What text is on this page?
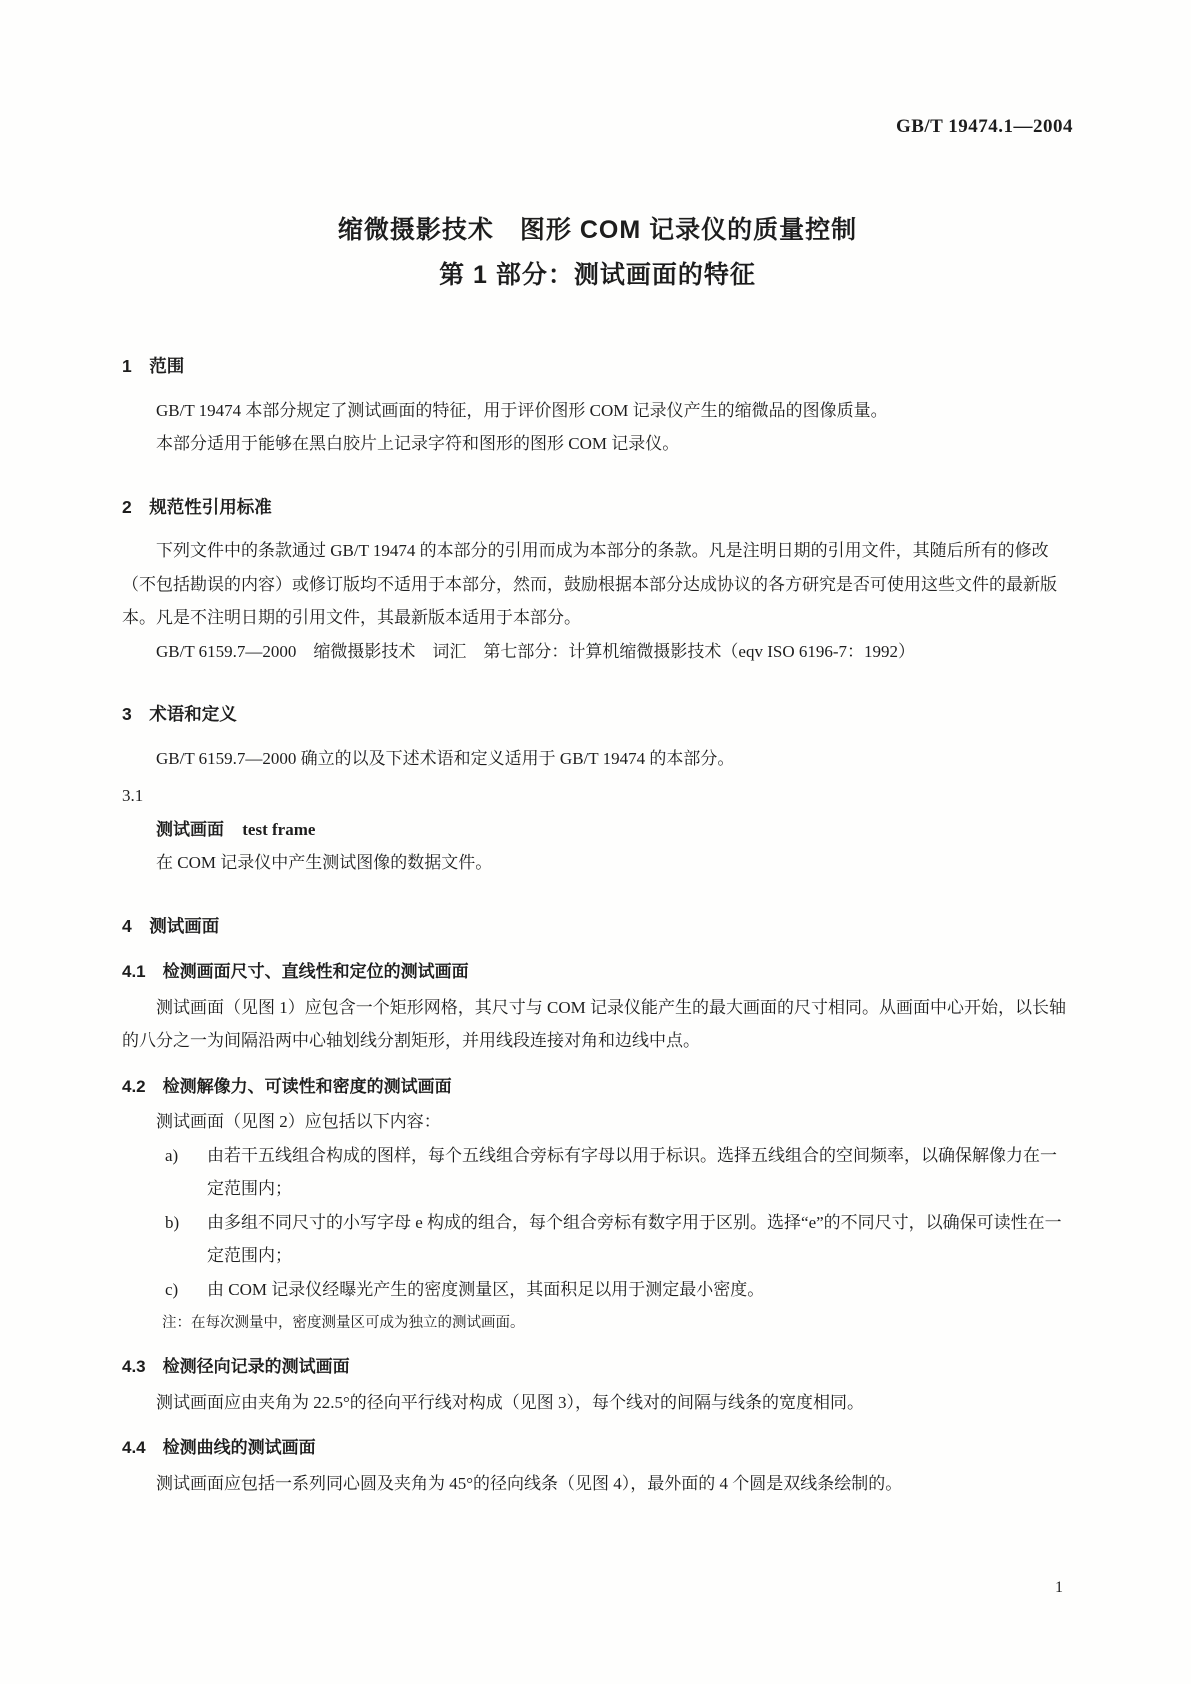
GB/T 19474.1—2004
缩微摄影技术　图形 COM 记录仪的质量控制
第 1 部分：测试画面的特征
1　范围

GB/T 19474 本部分规定了测试画面的特征，用于评价图形 COM 记录仪产生的缩微品的图像质量。

本部分适用于能够在黑白胶片上记录字符和图形的图形 COM 记录仪。

2　规范性引用标准

下列文件中的条款通过 GB/T 19474 的本部分的引用而成为本部分的条款。凡是注明日期的引用文件，其随后所有的修改（不包括勘误的内容）或修订版均不适用于本部分，然而，鼓励根据本部分达成协议的各方研究是否可使用这些文件的最新版本。凡是不注明日期的引用文件，其最新版本适用于本部分。

GB/T 6159.7—2000　缩微摄影技术　词汇　第七部分：计算机缩微摄影技术（eqv ISO 6196-7：1992）

3　术语和定义

GB/T 6159.7—2000 确立的以及下述术语和定义适用于 GB/T 19474 的本部分。

3.1

测试画面 test frame

在 COM 记录仪中产生测试图像的数据文件。

4　测试画面
4.1　检测画面尺寸、直线性和定位的测试画面

测试画面（见图 1）应包含一个矩形网格，其尺寸与 COM 记录仪能产生的最大画面的尺寸相同。从画面中心开始，以长轴的八分之一为间隔沿两中心轴划线分割矩形，并用线段连接对角和边线中点。

4.2　检测解像力、可读性和密度的测试画面

测试画面（见图 2）应包括以下内容：

a) 由若干五线组合构成的图样，每个五线组合旁标有字母以用于标识。选择五线组合的空间频率，以确保解像力在一定范围内；
b) 由多组不同尺寸的小写字母 e 构成的组合，每个组合旁标有数字用于区别。选择“e”的不同尺寸，以确保可读性在一定范围内；
c) 由 COM 记录仪经曝光产生的密度测量区，其面积足以用于测定最小密度。

注：在每次测量中，密度测量区可成为独立的测试画面。

4.3　检测径向记录的测试画面

测试画面应由夹角为 22.5°的径向平行线对构成（见图 3），每个线对的间隔与线条的宽度相同。

4.4　检测曲线的测试画面

测试画面应包括一系列同心圆及夹角为 45°的径向线条（见图 4），最外面的 4 个圆是双线条绘制的。

1
